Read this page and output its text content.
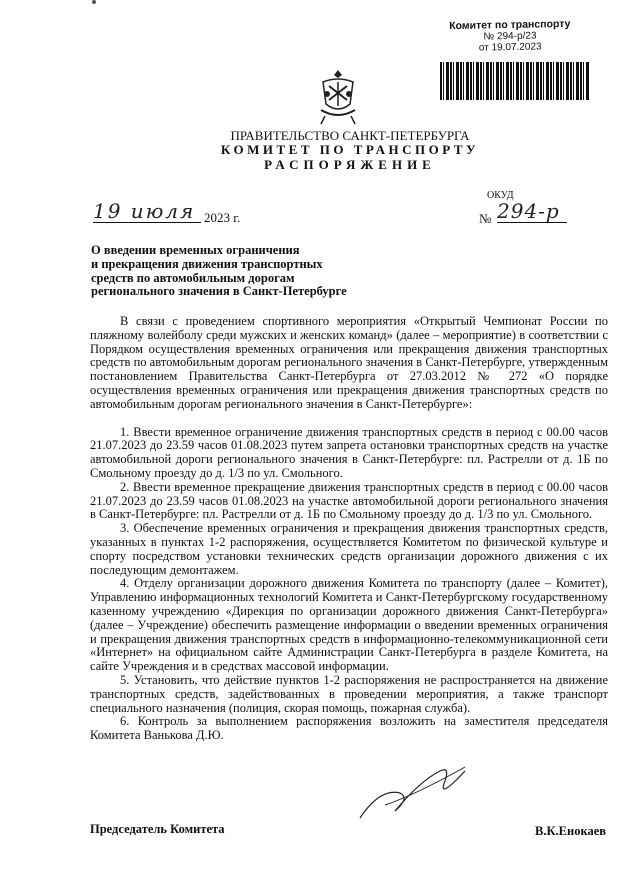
Комитет по транспорту
№ 294-р/23
от 19.07.2023
ПРАВИТЕЛЬСТВО САНКТ-ПЕТЕРБУРГА
КОМИТЕТ ПО ТРАНСПОРТУ
РАСПОРЯЖЕНИЕ
ОКУД
19 июля 2023 г.	№ 294-р
О введении временных ограничения
и прекращения движения транспортных
средств по автомобильным дорогам
регионального значения в Санкт-Петербурге

В связи с проведением спортивного мероприятия «Открытый Чемпионат России по пляжному волейболу среди мужских и женских команд» (далее – мероприятие) в соответствии с Порядком осуществления временных ограничения или прекращения движения транспортных средств по автомобильным дорогам регионального значения в Санкт-Петербурге, утвержденным постановлением Правительства Санкт-Петербурга от 27.03.2012 № 272 «О порядке осуществления временных ограничения или прекращения движения транспортных средств по автомобильным дорогам регионального значения в Санкт-Петербурге»:

1. Ввести временное ограничение движения транспортных средств в период с 00.00 часов 21.07.2023 до 23.59 часов 01.08.2023 путем запрета остановки транспортных средств на участке автомобильной дороги регионального значения в Санкт-Петербурге: пл. Растрелли от д. 1Б по Смольному проезду до д. 1/3 по ул. Смольного.

2. Ввести временное прекращение движения транспортных средств в период с 00.00 часов 21.07.2023 до 23.59 часов 01.08.2023 на участке автомобильной дороги регионального значения в Санкт-Петербурге: пл. Растрелли от д. 1Б по Смольному проезду до д. 1/3 по ул. Смольного.

3. Обеспечение временных ограничения и прекращения движения транспортных средств, указанных в пунктах 1-2 распоряжения, осуществляется Комитетом по физической культуре и спорту посредством установки технических средств организации дорожного движения с их последующим демонтажем.

4. Отделу организации дорожного движения Комитета по транспорту (далее – Комитет), Управлению информационных технологий Комитета и Санкт-Петербургскому государственному казенному учреждению «Дирекция по организации дорожного движения Санкт-Петербурга» (далее – Учреждение) обеспечить размещение информации о введении временных ограничения и прекращения движения транспортных средств в информационно-телекоммуникационной сети «Интернет» на официальном сайте Администрации Санкт-Петербурга в разделе Комитета, на сайте Учреждения и в средствах массовой информации.

5. Установить, что действие пунктов 1-2 распоряжения не распространяется на движение транспортных средств, задействованных в проведении мероприятия, а также транспорт специального назначения (полиция, скорая помощь, пожарная служба).

6. Контроль за выполнением распоряжения возложить на заместителя председателя Комитета Ванькова Д.Ю.

Председатель Комитета	В.К.Енокаев
